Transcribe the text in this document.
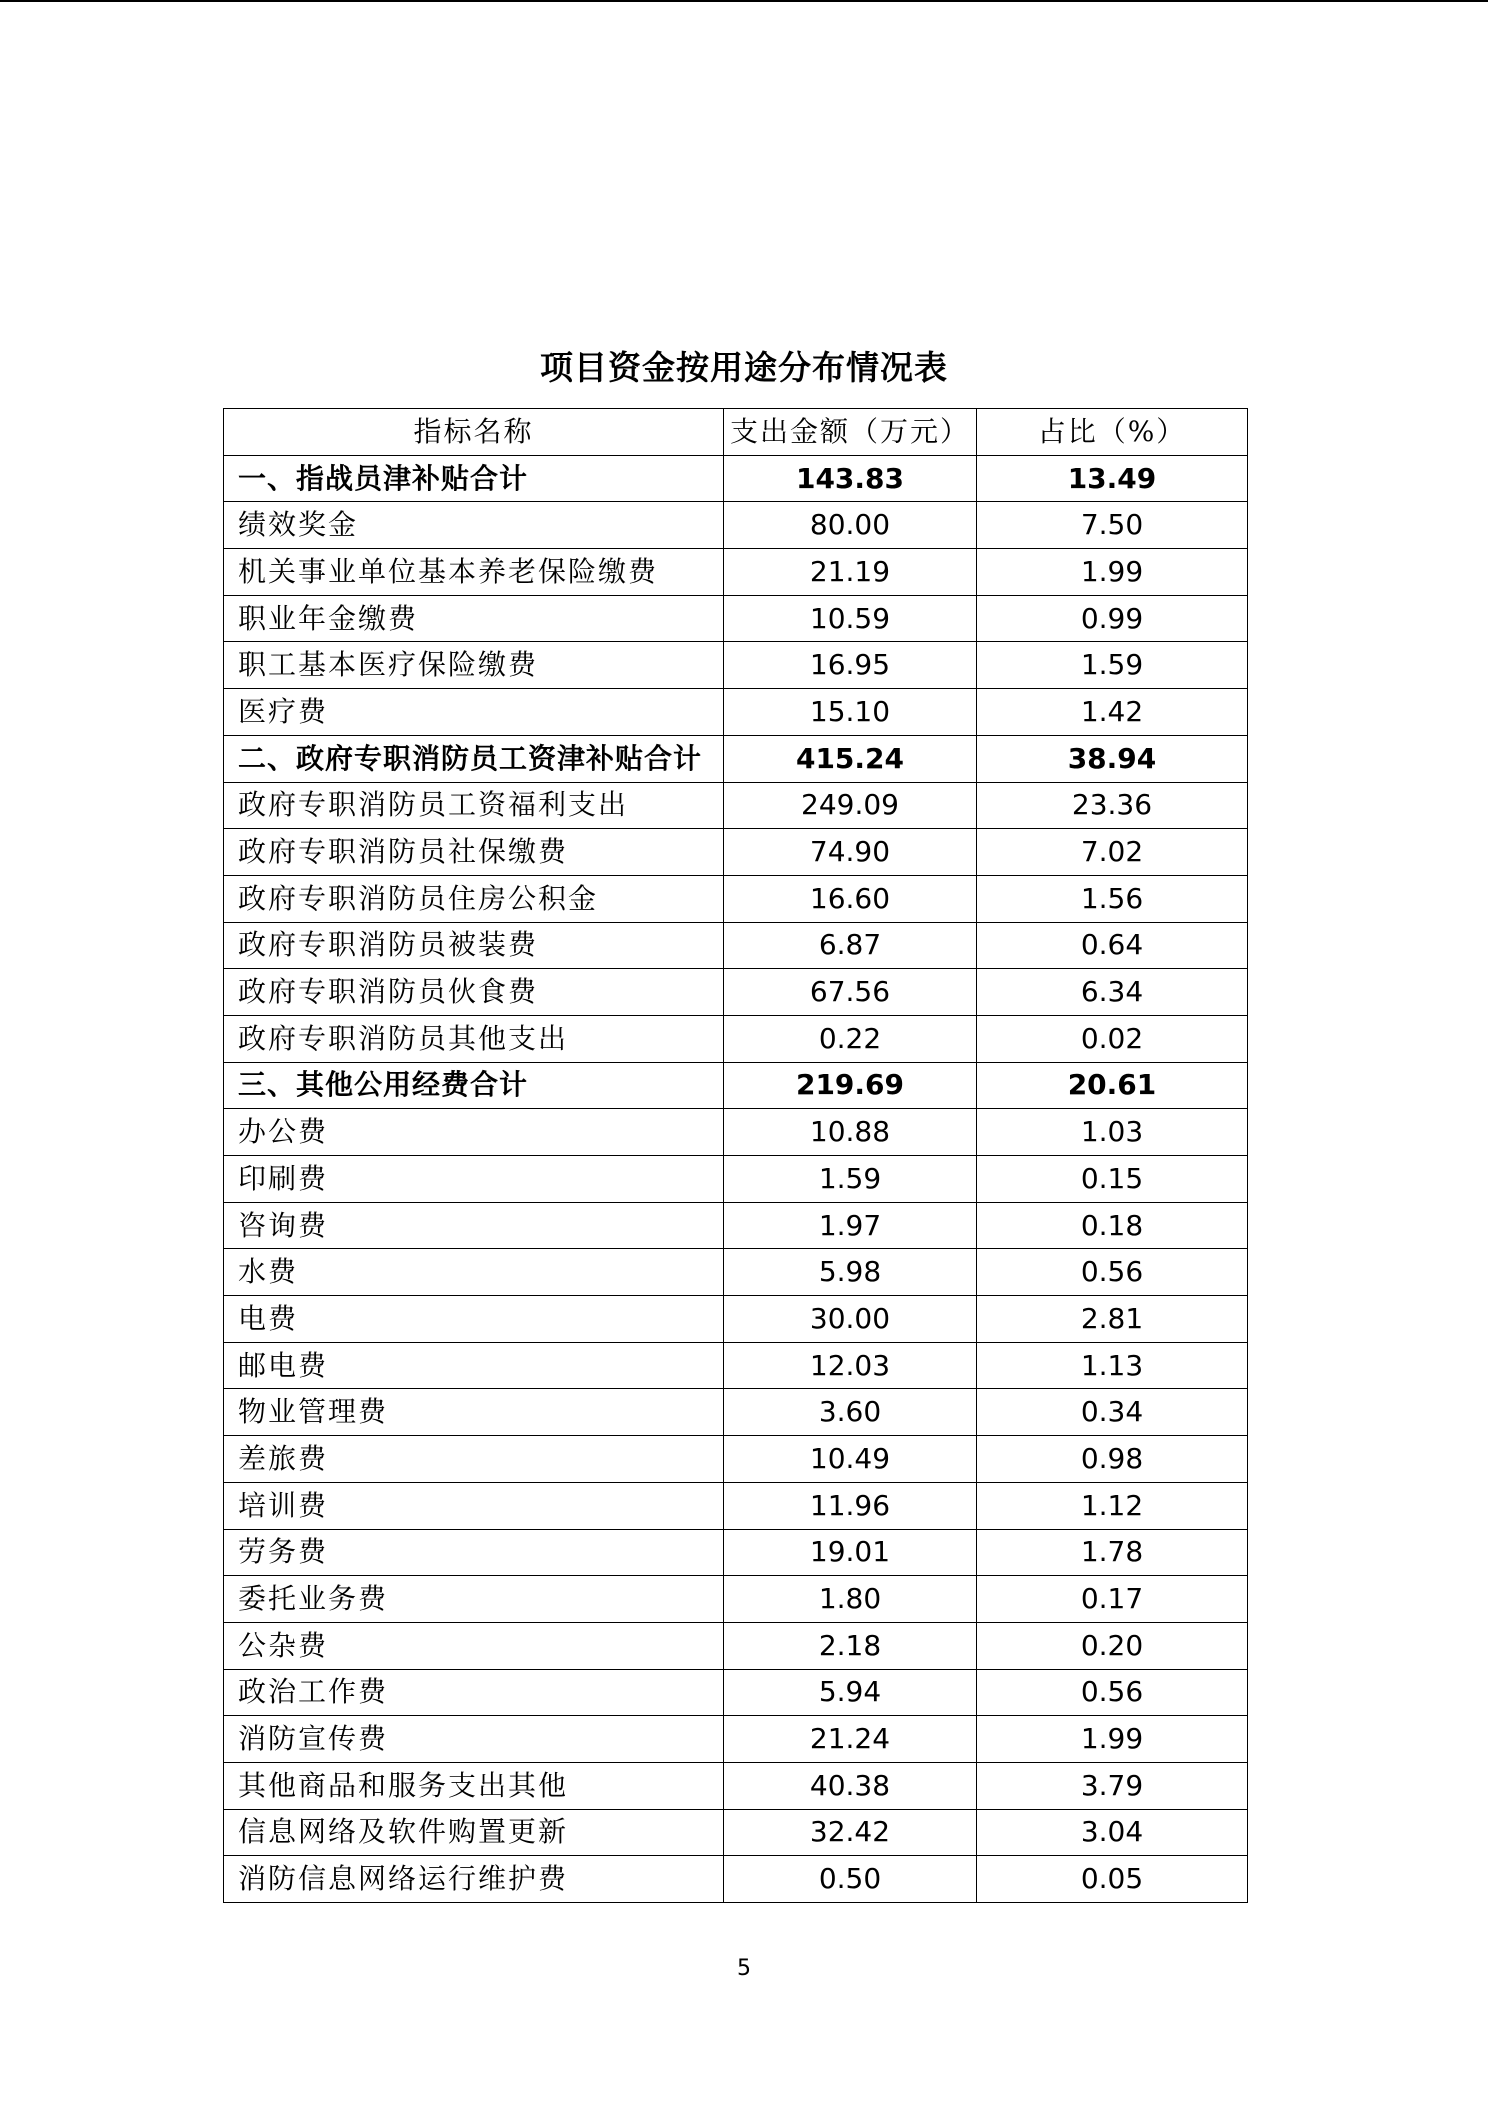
项目资金按用途分布情况表
指标名称	支出金额（万元）	占比（%）
一、指战员津补贴合计	143.83	13.49
绩效奖金	80.00	7.50
机关事业单位基本养老保险缴费	21.19	1.99
职业年金缴费	10.59	0.99
职工基本医疗保险缴费	16.95	1.59
医疗费	15.10	1.42
二、政府专职消防员工资津补贴合计	415.24	38.94
政府专职消防员工资福利支出	249.09	23.36
政府专职消防员社保缴费	74.90	7.02
政府专职消防员住房公积金	16.60	1.56
政府专职消防员被装费	6.87	0.64
政府专职消防员伙食费	67.56	6.34
政府专职消防员其他支出	0.22	0.02
三、其他公用经费合计	219.69	20.61
办公费	10.88	1.03
印刷费	1.59	0.15
咨询费	1.97	0.18
水费	5.98	0.56
电费	30.00	2.81
邮电费	12.03	1.13
物业管理费	3.60	0.34
差旅费	10.49	0.98
培训费	11.96	1.12
劳务费	19.01	1.78
委托业务费	1.80	0.17
公杂费	2.18	0.20
政治工作费	5.94	0.56
消防宣传费	21.24	1.99
其他商品和服务支出其他	40.38	3.79
信息网络及软件购置更新	32.42	3.04
消防信息网络运行维护费	0.50	0.05
5
